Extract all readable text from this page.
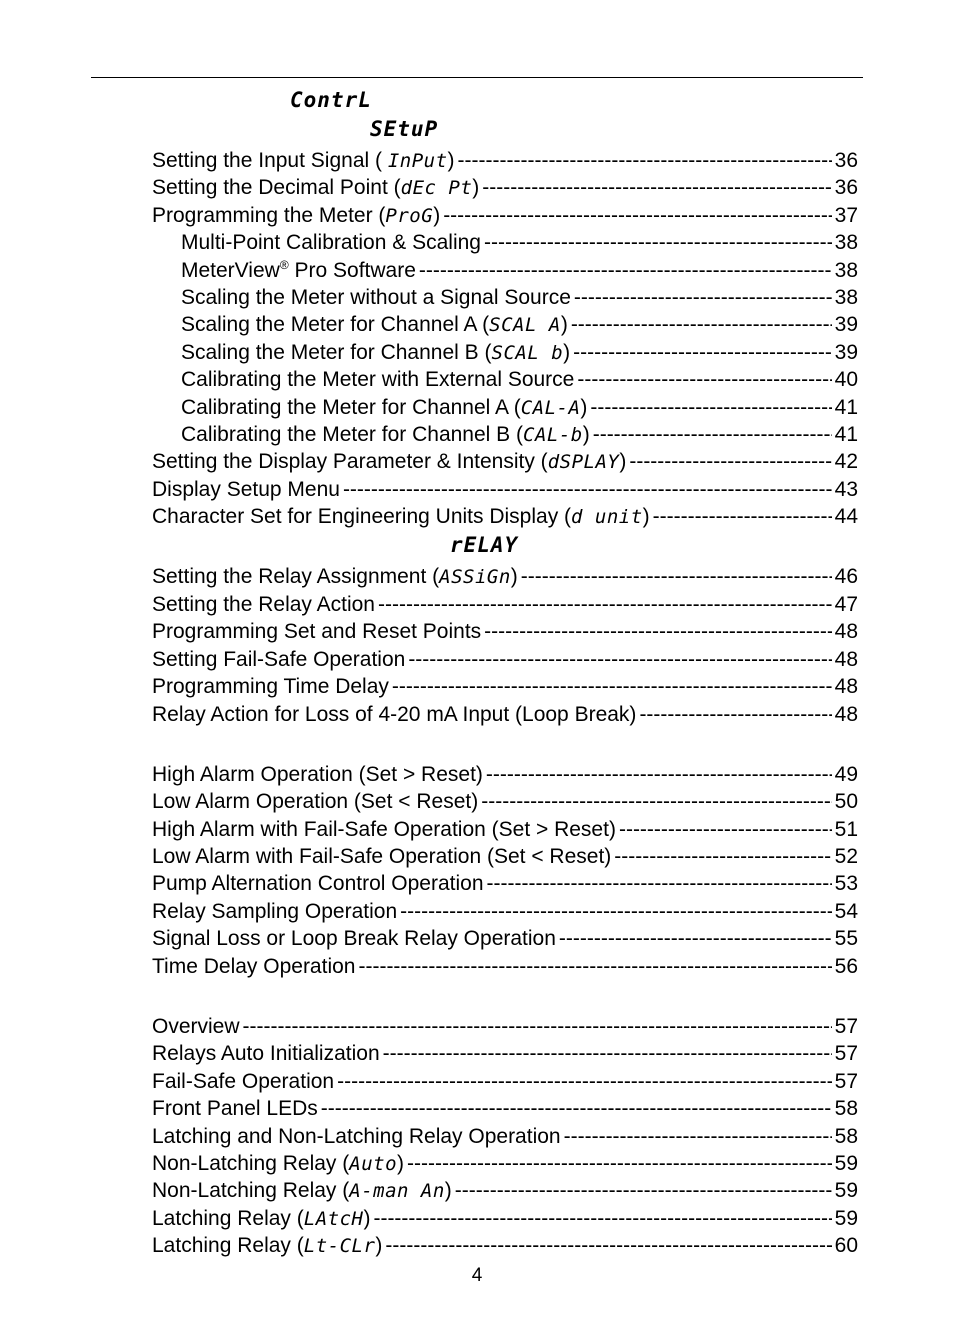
ContrL
SEtuP
rELAY
Setting the Input Signal ( InPut) -----	36
Setting the Decimal Point (dEc Pt) -----	36
Programming the Meter (ProG) -----	37
Multi-Point Calibration & Scaling -----	38
MeterView® Pro Software -----	38
Scaling the Meter without a Signal Source -----	38
Scaling the Meter for Channel A (SCAL A) -----	39
Scaling the Meter for Channel B (SCAL b) -----	39
Calibrating the Meter with External Source -----	40
Calibrating the Meter for Channel A (CAL-A) -----	41
Calibrating the Meter for Channel B (CAL-b) -----	41
Setting the Display Parameter & Intensity (dSPLAY) -----	42
Display Setup Menu -----	43
Character Set for Engineering Units Display (d unit) -----	44
Setting the Relay Assignment (ASSiGn) -----	46
Setting the Relay Action -----	47
Programming Set and Reset Points -----	48
Setting Fail-Safe Operation -----	48
Programming Time Delay -----	48
Relay Action for Loss of 4-20 mA Input (Loop Break) -----	48
High Alarm Operation (Set > Reset) -----	49
Low Alarm Operation (Set < Reset) -----	50
High Alarm with Fail-Safe Operation (Set > Reset) -----	51
Low Alarm with Fail-Safe Operation (Set < Reset) -----	52
Pump Alternation Control Operation -----	53
Relay Sampling Operation -----	54
Signal Loss or Loop Break Relay Operation -----	55
Time Delay Operation -----	56
Overview -----	57
Relays Auto Initialization -----	57
Fail-Safe Operation -----	57
Front Panel LEDs -----	58
Latching and Non-Latching Relay Operation -----	58
Non-Latching Relay (Auto) -----	59
Non-Latching Relay (A-man An) -----	59
Latching Relay (LAtcH) -----	59
Latching Relay (Lt-CLr) -----	60
4
